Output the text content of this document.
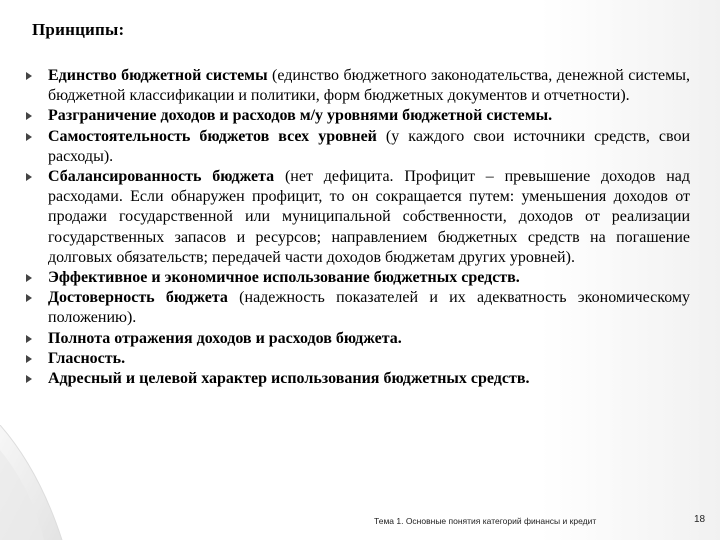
Принципы:
Единство бюджетной системы (единство бюджетного законодательства, денежной системы, бюджетной классификации и политики, форм бюджетных документов и отчетности).
Разграничение доходов и расходов м/у уровнями бюджетной системы.
Самостоятельность бюджетов всех уровней (у каждого свои источники средств, свои расходы).
Сбалансированность бюджета (нет дефицита. Профицит – превышение доходов над расходами. Если обнаружен профицит, то он сокращается путем: уменьшения доходов от продажи государственной или муниципальной собственности, доходов от реализации государственных запасов и ресурсов; направлением бюджетных средств на погашение долговых обязательств; передачей части доходов бюджетам других уровней).
Эффективное и экономичное использование бюджетных средств.
Достоверность бюджета (надежность показателей и их адекватность экономическому положению).
Полнота отражения доходов и расходов бюджета.
Гласность.
Адресный и целевой характер использования бюджетных средств.
Тема 1. Основные понятия категорий финансы и кредит	18
